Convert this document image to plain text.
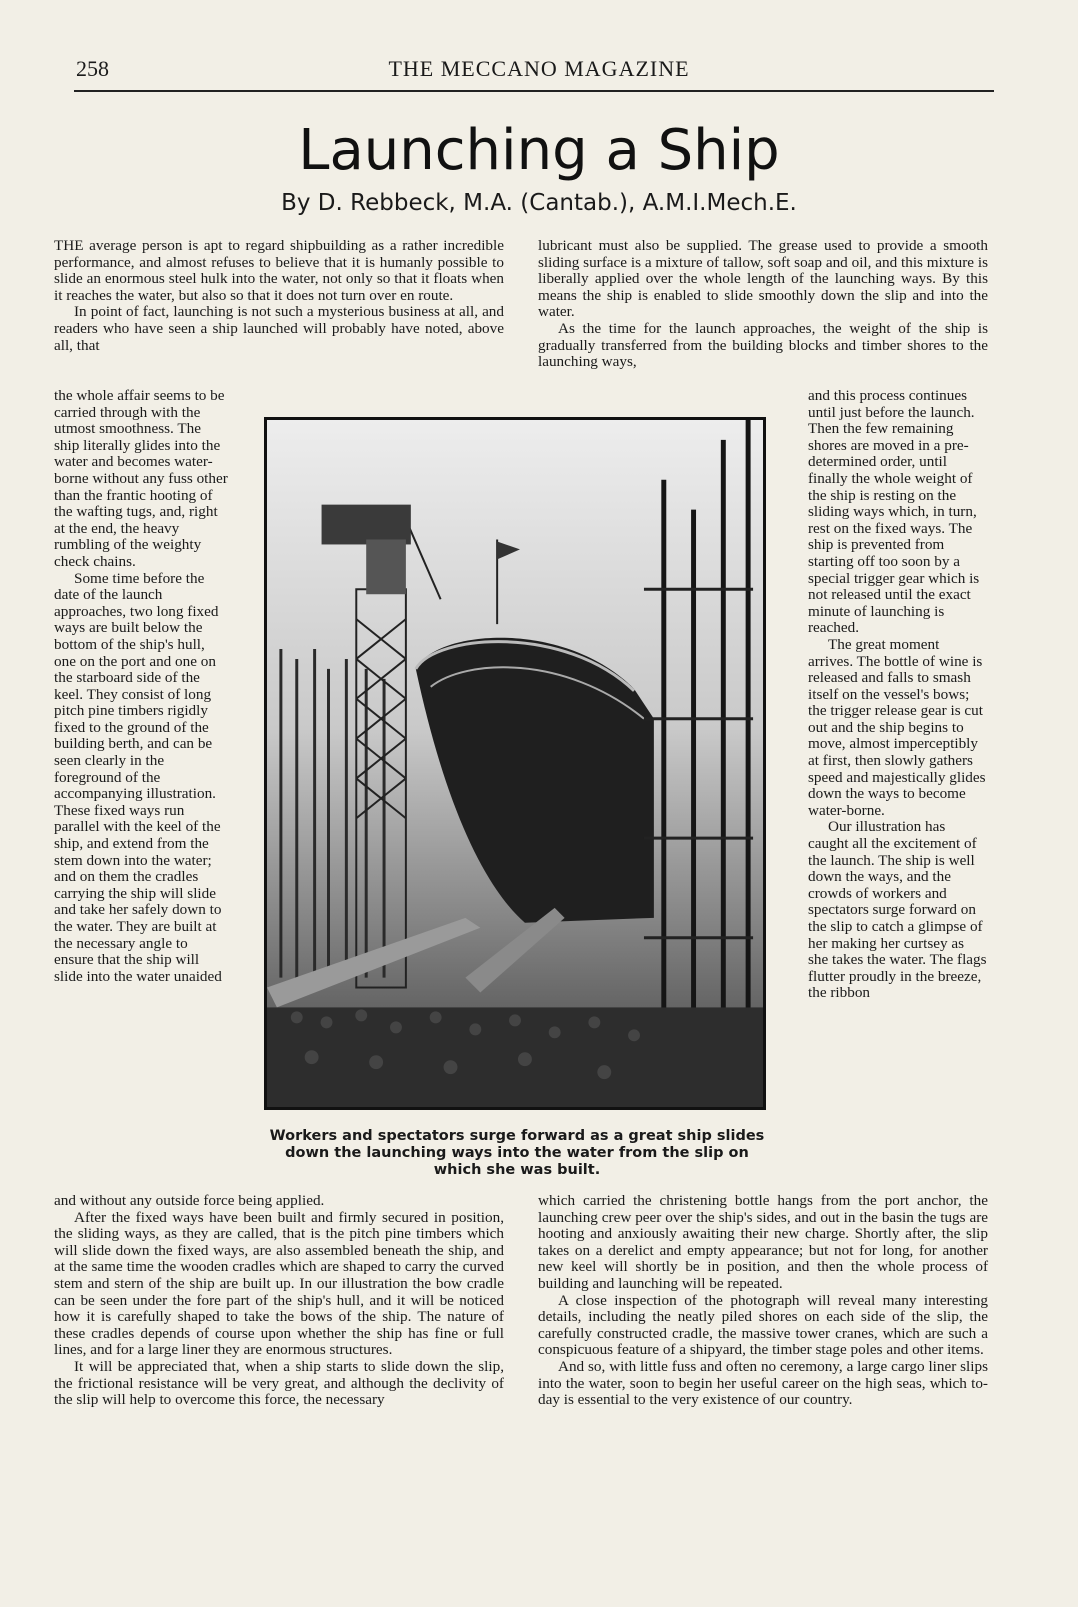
258	THE MECCANO MAGAZINE
Launching a Ship
By D. Rebbeck, M.A. (Cantab.), A.M.I.Mech.E.

THE average person is apt to regard shipbuilding as a rather incredible performance, and almost refuses to believe that it is humanly possible to slide an enormous steel hulk into the water, not only so that it floats when it reaches the water, but also so that it does not turn over en route.

In point of fact, launching is not such a mysterious business at all, and readers who have seen a ship launched will probably have noted, above all, that

the whole affair seems to be carried through with the utmost smoothness. The ship literally glides into the water and becomes water-borne without any fuss other than the frantic hooting of the wafting tugs, and, right at the end, the heavy rumbling of the weighty check chains.

Some time before the date of the launch approaches, two long fixed ways are built below the bottom of the ship's hull, one on the port and one on the starboard side of the keel. They consist of long pitch pine timbers rigidly fixed to the ground of the building berth, and can be seen clearly in the foreground of the accompanying illustration. These fixed ways run parallel with the keel of the ship, and extend from the stem down into the water; and on them the cradles carrying the ship will slide and take her safely down to the water. They are built at the necessary angle to ensure that the ship will slide into the water unaided

and without any outside force being applied.

After the fixed ways have been built and firmly secured in position, the sliding ways, as they are called, that is the pitch pine timbers which will slide down the fixed ways, are also assembled beneath the ship, and at the same time the wooden cradles which are shaped to carry the curved stem and stern of the ship are built up. In our illustration the bow cradle can be seen under the fore part of the ship's hull, and it will be noticed how it is carefully shaped to take the bows of the ship. The nature of these cradles depends of course upon whether the ship has fine or full lines, and for a large liner they are enormous structures.

It will be appreciated that, when a ship starts to slide down the slip, the frictional resistance will be very great, and although the declivity of the slip will help to overcome this force, the necessary

lubricant must also be supplied. The grease used to provide a smooth sliding surface is a mixture of tallow, soft soap and oil, and this mixture is liberally applied over the whole length of the launching ways. By this means the ship is enabled to slide smoothly down the slip and into the water.

As the time for the launch approaches, the weight of the ship is gradually transferred from the building blocks and timber shores to the launching ways,

and this process continues until just before the launch. Then the few remaining shores are moved in a pre-determined order, until finally the whole weight of the ship is resting on the sliding ways which, in turn, rest on the fixed ways. The ship is prevented from starting off too soon by a special trigger gear which is not released until the exact minute of launching is reached.

The great moment arrives. The bottle of wine is released and falls to smash itself on the vessel's bows; the trigger release gear is cut out and the ship begins to move, almost imperceptibly at first, then slowly gathers speed and majestically glides down the ways to become water-borne.

Our illustration has caught all the excitement of the launch. The ship is well down the ways, and the crowds of workers and spectators surge forward on the slip to catch a glimpse of her making her curtsey as she takes the water. The flags flutter proudly in the breeze, the ribbon

which carried the christening bottle hangs from the port anchor, the launching crew peer over the ship's sides, and out in the basin the tugs are hooting and anxiously awaiting their new charge. Shortly after, the slip takes on a derelict and empty appearance; but not for long, for another new keel will shortly be in position, and then the whole process of building and launching will be repeated.

A close inspection of the photograph will reveal many interesting details, including the neatly piled shores on each side of the slip, the carefully constructed cradle, the massive tower cranes, which are such a conspicuous feature of a shipyard, the timber stage poles and other items.

And so, with little fuss and often no ceremony, a large cargo liner slips into the water, soon to begin her useful career on the high seas, which to-day is essential to the very existence of our country.

Workers and spectators surge forward as a great ship slides down the launching ways into the water from the slip on which she was built.
